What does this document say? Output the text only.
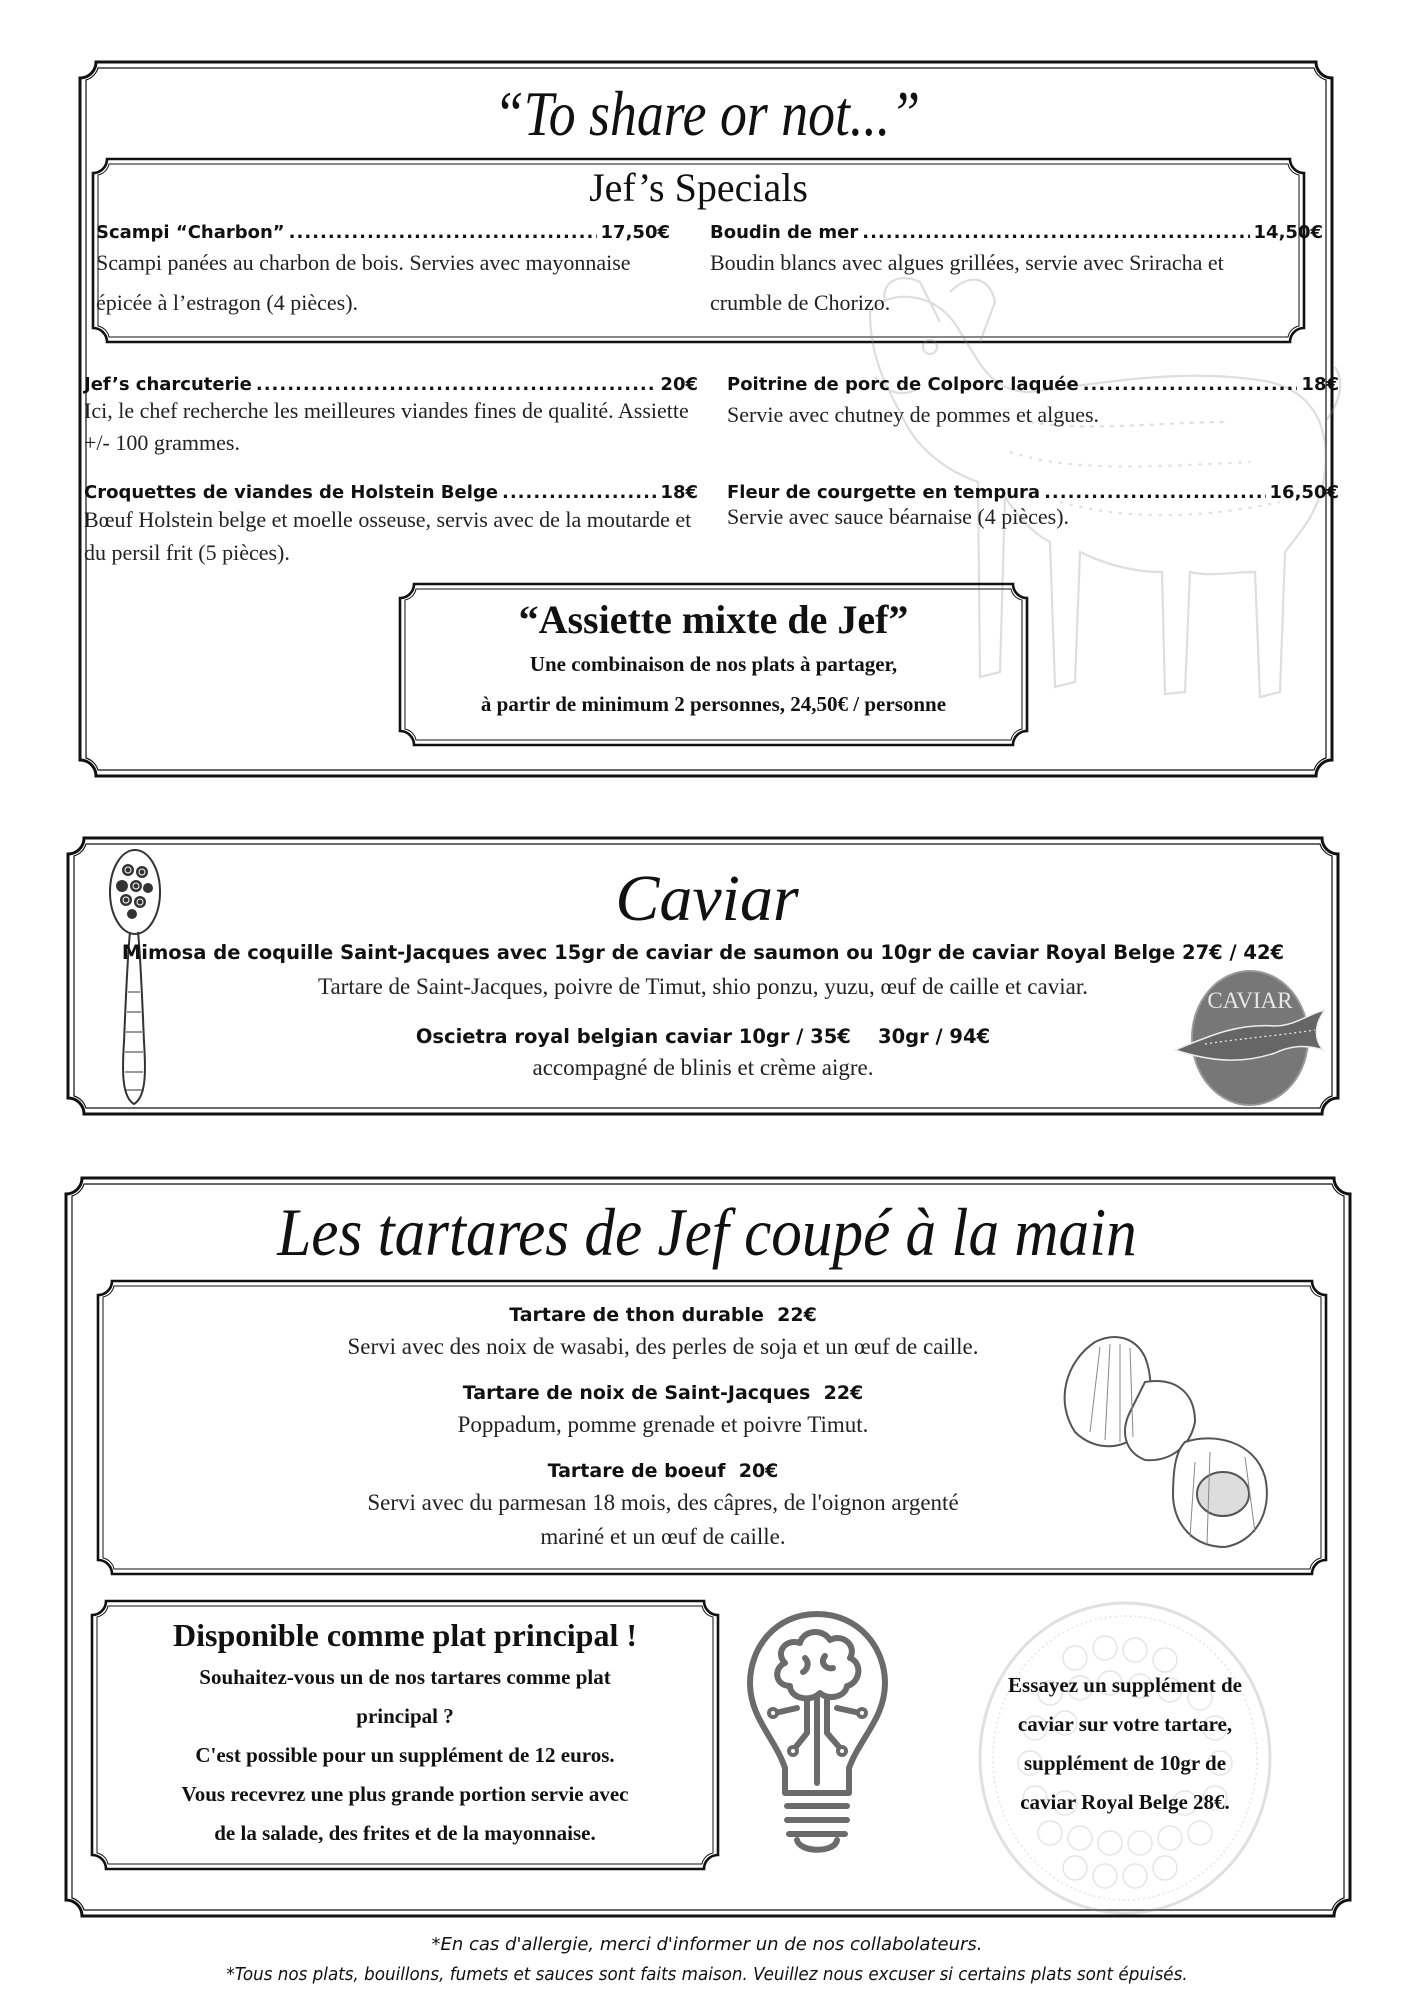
“To share or not...”
Jef’s Specials
Scampi “Charbon” .....	17,50€
Scampi panées au charbon de bois. Servies avec mayonnaise épicée à l’estragon (4 pièces).
Boudin de mer .....	14,50€
Boudin blancs avec algues grillées, servie avec Sriracha et crumble de Chorizo.
Jef’s charcuterie .....	20€
Ici, le chef recherche les meilleures viandes fines de qualité. Assiette +/- 100 grammes.
Poitrine de porc de Colporc laquée .....	18€
Servie avec chutney de pommes et algues.
Croquettes de viandes de Holstein Belge .....	18€
Bœuf Holstein belge et moelle osseuse, servis avec de la moutarde et du persil frit (5 pièces).
Fleur de courgette en tempura .....	16,50€
Servie avec sauce béarnaise (4 pièces).
“Assiette mixte de Jef”
Une combinaison de nos plats à partager,
à partir de minimum 2 personnes, 24,50€ / personne
Caviar
Mimosa de coquille Saint-Jacques avec 15gr de caviar de saumon ou 10gr de caviar Royal Belge 27€ / 42€
Tartare de Saint-Jacques, poivre de Timut, shio ponzu, yuzu, œuf de caille et caviar.
Oscietra royal belgian caviar 10gr / 35€    30gr / 94€
accompagné de blinis et crème aigre.
CAVIAR
Les tartares de Jef coupé à la main
Tartare de thon durable  22€
Servi avec des noix de wasabi, des perles de soja et un œuf de caille.
Tartare de noix de Saint-Jacques  22€
Poppadum, pomme grenade et poivre Timut.
Tartare de boeuf  20€
Servi avec du parmesan 18 mois, des câpres, de l'oignon argenté
mariné et un œuf de caille.
Disponible comme plat principal !
Souhaitez-vous un de nos tartares comme plat
principal ?
C'est possible pour un supplément de 12 euros.
Vous recevrez une plus grande portion servie avec
de la salade, des frites et de la mayonnaise.
Essayez un supplément de
caviar sur votre tartare,
supplément de 10gr de
caviar Royal Belge 28€.
*En cas d'allergie, merci d'informer un de nos collabolateurs.
*Tous nos plats, bouillons, fumets et sauces sont faits maison. Veuillez nous excuser si certains plats sont épuisés.
